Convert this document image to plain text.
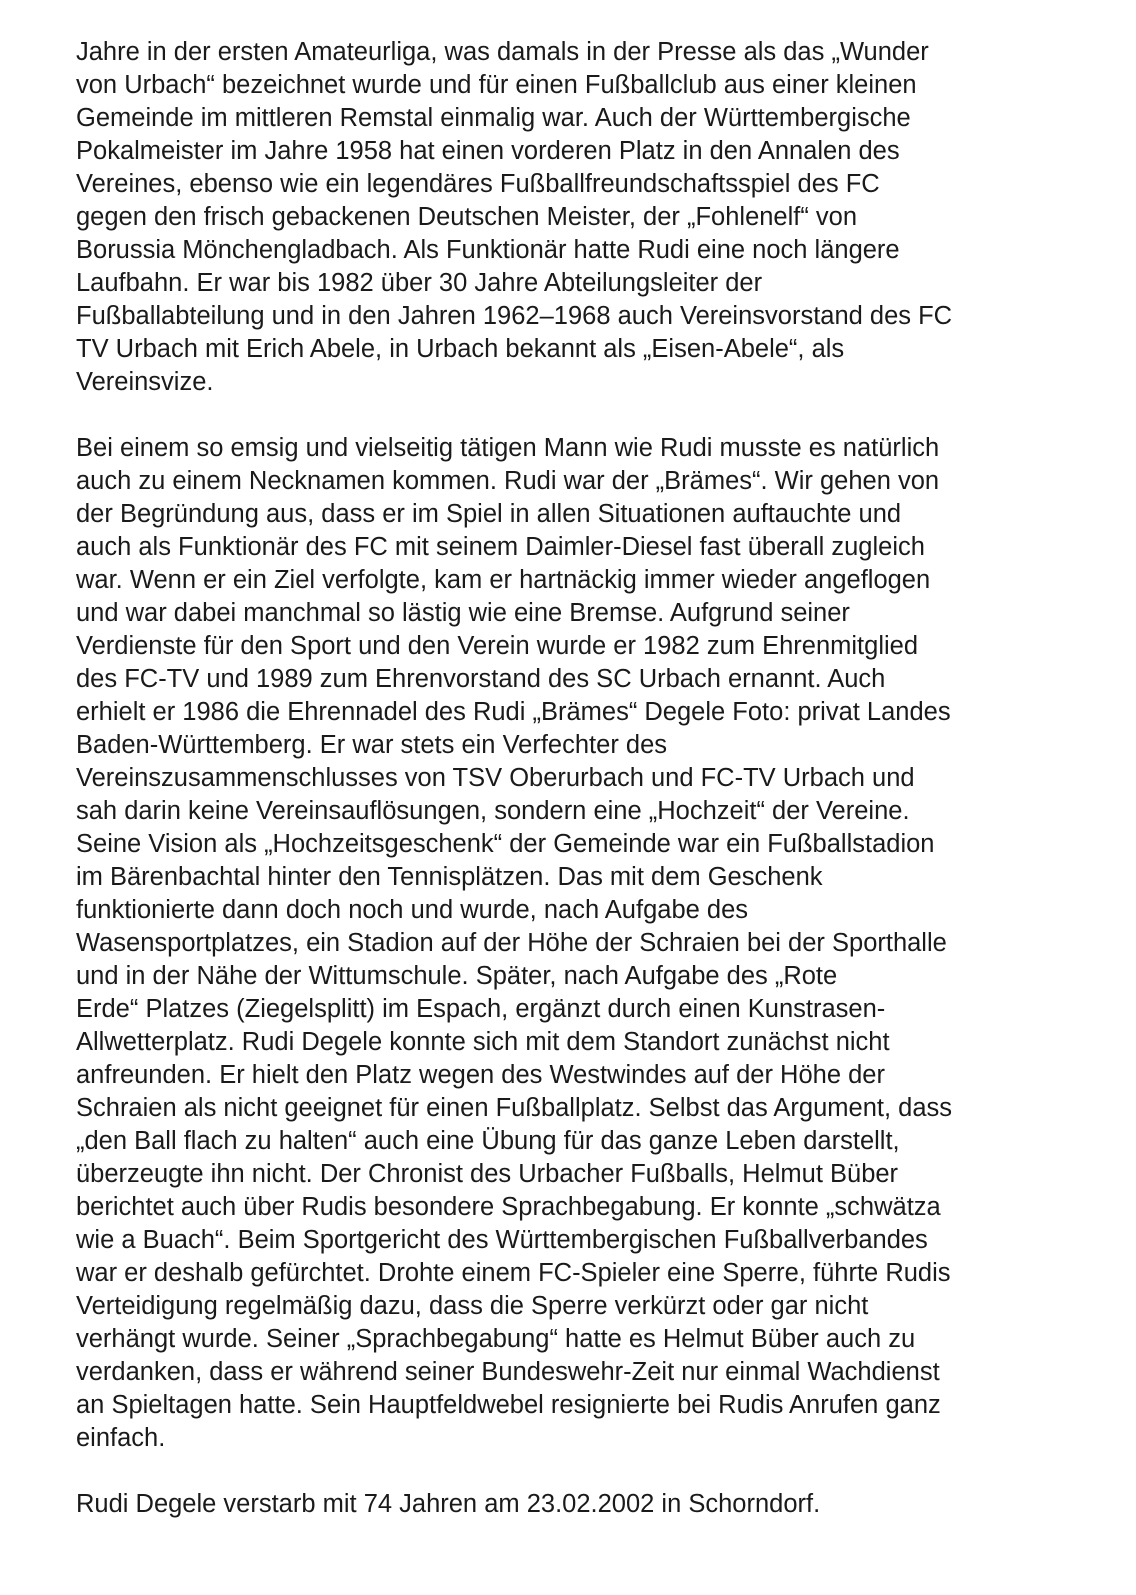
Jahre in der ersten Amateurliga, was damals in der Presse als das „Wunder
von Urbach“ bezeichnet wurde und für einen Fußballclub aus einer kleinen
Gemeinde im mittleren Remstal einmalig war. Auch der Württembergische
Pokalmeister im Jahre 1958 hat einen vorderen Platz in den Annalen des
Vereines, ebenso wie ein legendäres Fußballfreundschaftsspiel des FC
gegen den frisch gebackenen Deutschen Meister, der „Fohlenelf“ von
Borussia Mönchengladbach. Als Funktionär hatte Rudi eine noch längere
Laufbahn. Er war bis 1982 über 30 Jahre Abteilungsleiter der
Fußballabteilung und in den Jahren 1962–1968 auch Vereinsvorstand des FC
TV Urbach mit Erich Abele, in Urbach bekannt als „Eisen-Abele“, als
Vereinsvize.
Bei einem so emsig und vielseitig tätigen Mann wie Rudi musste es natürlich
auch zu einem Necknamen kommen. Rudi war der „Brämes“. Wir gehen von
der Begründung aus, dass er im Spiel in allen Situationen auftauchte und
auch als Funktionär des FC mit seinem Daimler-Diesel fast überall zugleich
war. Wenn er ein Ziel verfolgte, kam er hartnäckig immer wieder angeflogen
und war dabei manchmal so lästig wie eine Bremse. Aufgrund seiner
Verdienste für den Sport und den Verein wurde er 1982 zum Ehrenmitglied
des FC-TV und 1989 zum Ehrenvorstand des SC Urbach ernannt. Auch
erhielt er 1986 die Ehrennadel des Rudi „Brämes“ Degele Foto: privat Landes
Baden-Württemberg. Er war stets ein Verfechter des
Vereinszusammenschlusses von TSV Oberurbach und FC-TV Urbach und
sah darin keine Vereinsauflösungen, sondern eine „Hochzeit“ der Vereine.
Seine Vision als „Hochzeitsgeschenk“ der Gemeinde war ein Fußballstadion
im Bärenbachtal hinter den Tennisplätzen. Das mit dem Geschenk
funktionierte dann doch noch und wurde, nach Aufgabe des
Wasensportplatzes, ein Stadion auf der Höhe der Schraien bei der Sporthalle
und in der Nähe der Wittumschule. Später, nach Aufgabe des „Rote
Erde“ Platzes (Ziegelsplitt) im Espach, ergänzt durch einen Kunstrasen-
Allwetterplatz. Rudi Degele konnte sich mit dem Standort zunächst nicht
anfreunden. Er hielt den Platz wegen des Westwindes auf der Höhe der
Schraien als nicht geeignet für einen Fußballplatz. Selbst das Argument, dass
„den Ball flach zu halten“ auch eine Übung für das ganze Leben darstellt,
überzeugte ihn nicht. Der Chronist des Urbacher Fußballs, Helmut Büber
berichtet auch über Rudis besondere Sprachbegabung. Er konnte „schwätza
wie a Buach“. Beim Sportgericht des Württembergischen Fußballverbandes
war er deshalb gefürchtet. Drohte einem FC-Spieler eine Sperre, führte Rudis
Verteidigung regelmäßig dazu, dass die Sperre verkürzt oder gar nicht
verhängt wurde. Seiner „Sprachbegabung“ hatte es Helmut Büber auch zu
verdanken, dass er während seiner Bundeswehr-Zeit nur einmal Wachdienst
an Spieltagen hatte. Sein Hauptfeldwebel resignierte bei Rudis Anrufen ganz
einfach.
Rudi Degele verstarb mit 74 Jahren am 23.02.2002 in Schorndorf.
